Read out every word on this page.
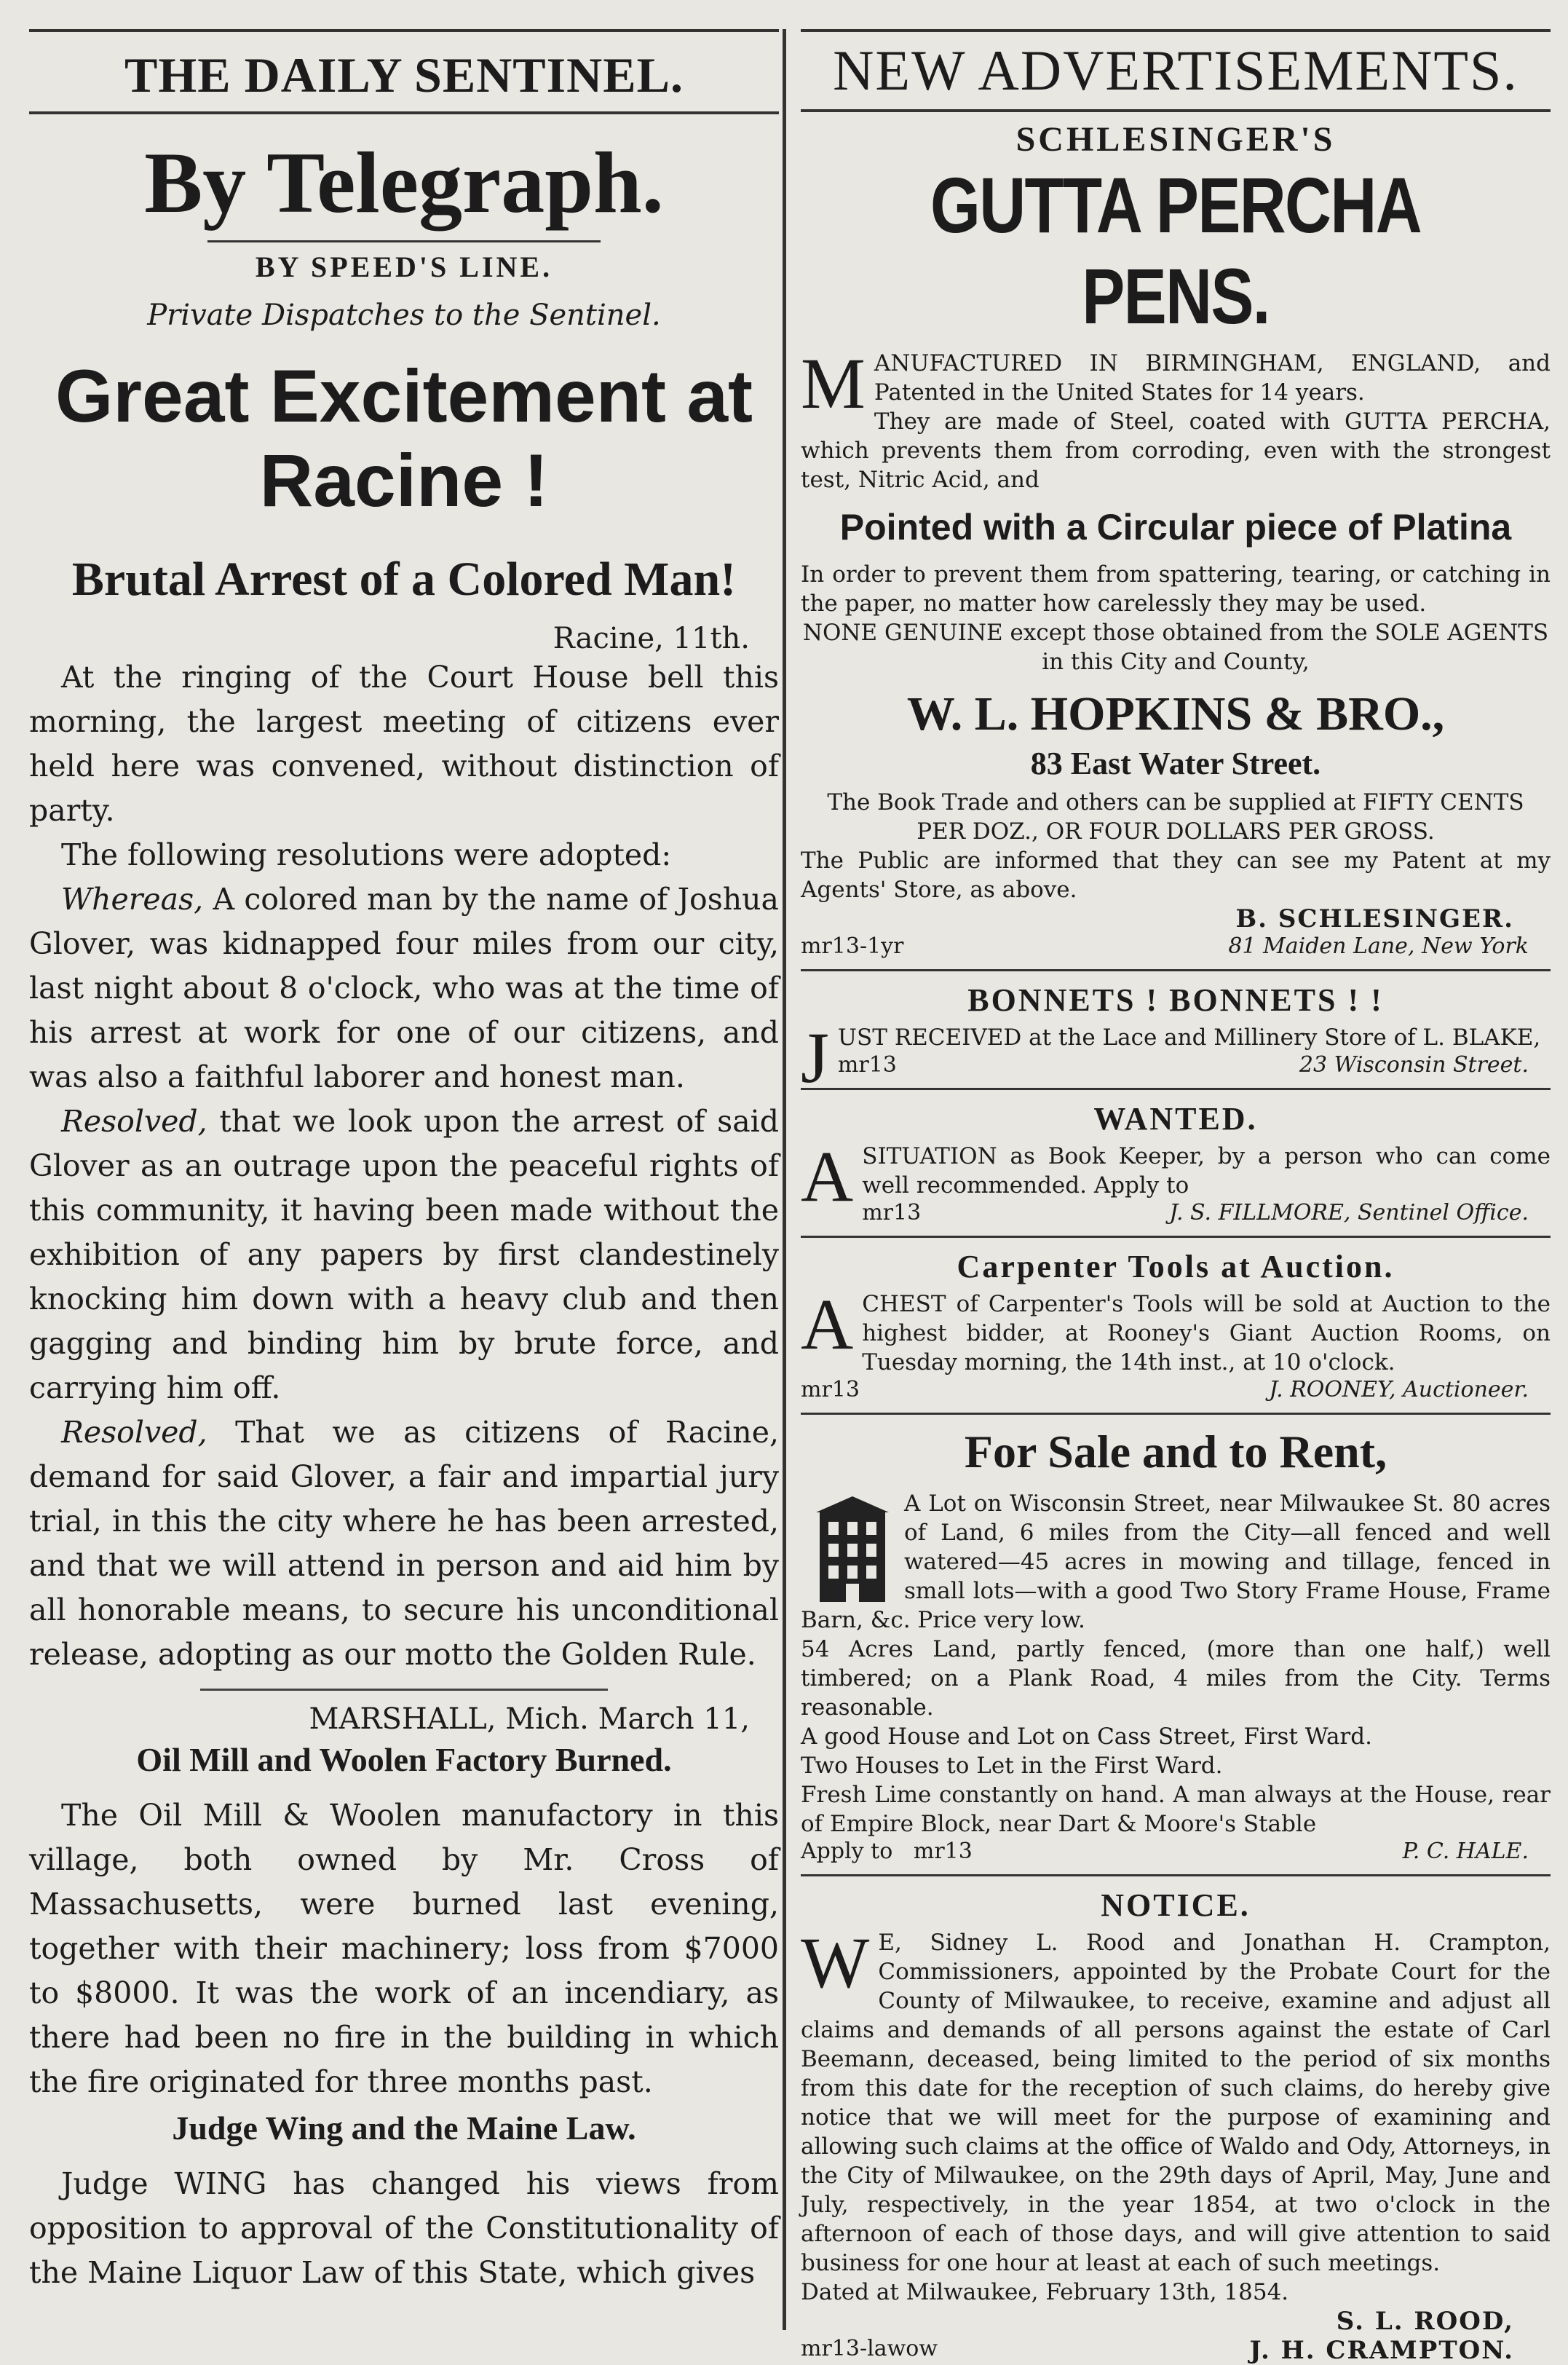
THE DAILY SENTINEL.
By Telegraph.
BY SPEED'S LINE.
Private Dispatches to the Sentinel.
Great Excitement at
Racine !
Brutal Arrest of a Colored Man!
Racine, 11th.

At the ringing of the Court House bell this morning, the largest meeting of citizens ever held here was convened, without distinction of party.

The following resolutions were adopted:

Whereas, A colored man by the name of Joshua Glover, was kidnapped four miles from our city, last night about 8 o'clock, who was at the time of his arrest at work for one of our citizens, and was also a faithful laborer and honest man.

Resolved, that we look upon the arrest of said Glover as an outrage upon the peaceful rights of this community, it having been made without the exhibition of any papers by first clandestinely knocking him down with a heavy club and then gagging and binding him by brute force, and carrying him off.

Resolved, That we as citizens of Racine, demand for said Glover, a fair and impartial jury trial, in this the city where he has been arrested, and that we will attend in person and aid him by all honorable means, to secure his unconditional release, adopting as our motto the Golden Rule.

MARSHALL, Mich. March 11,
Oil Mill and Woolen Factory Burned.

The Oil Mill & Woolen manufactory in this village, both owned by Mr. Cross of Massachusetts, were burned last evening, together with their machinery; loss from $7000 to $8000. It was the work of an incendiary, as there had been no fire in the building in which the fire originated for three months past.

Judge Wing and the Maine Law.

Judge WING has changed his views from opposition to approval of the Constitutionality of the Maine Liquor Law of this State, which gives

NEW ADVERTISEMENTS.
SCHLESINGER'S
GUTTA PERCHA PENS.
M ANUFACTURED IN BIRMINGHAM, ENGLAND, and Patented in the United States for 14 years.
They are made of Steel, coated with GUTTA PERCHA, which prevents them from corroding, even with the strongest test, Nitric Acid, and
Pointed with a Circular piece of Platina
In order to prevent them from spattering, tearing, or catching in the paper, no matter how carelessly they may be used.
NONE GENUINE except those obtained from the SOLE AGENTS in this City and County,
W. L. HOPKINS & BRO.,
83 East Water Street.
The Book Trade and others can be supplied at FIFTY CENTS PER DOZ., OR FOUR DOLLARS PER GROSS.
The Public are informed that they can see my Patent at my Agents' Store, as above.
B. SCHLESINGER.
mr13-1yr	81 Maiden Lane, New York
BONNETS ! BONNETS ! !
J UST RECEIVED at the Lace and Millinery Store of L. BLAKE,
mr13	23 Wisconsin Street.
WANTED.
A SITUATION as Book Keeper, by a person who can come well recommended. Apply to
mr13	J. S. FILLMORE, Sentinel Office.
Carpenter Tools at Auction.
A CHEST of Carpenter's Tools will be sold at Auction to the highest bidder, at Rooney's Giant Auction Rooms, on Tuesday morning, the 14th inst., at 10 o'clock.
mr13	J. ROONEY, Auctioneer.
For Sale and to Rent,
A Lot on Wisconsin Street, near Milwaukee St. 80 acres of Land, 6 miles from the City—all fenced and well watered—45 acres in mowing and tillage, fenced in small lots—with a good Two Story Frame House, Frame Barn, &c. Price very low.
54 Acres Land, partly fenced, (more than one half,) well timbered; on a Plank Road, 4 miles from the City. Terms reasonable.
A good House and Lot on Cass Street, First Ward.
Two Houses to Let in the First Ward.
Fresh Lime constantly on hand. A man always at the House, rear of Empire Block, near Dart & Moore's Stable
Apply to mr13	P. C. HALE.
NOTICE.
W E, Sidney L. Rood and Jonathan H. Crampton, Commissioners, appointed by the Probate Court for the County of Milwaukee, to receive, examine and adjust all claims and demands of all persons against the estate of Carl Beemann, deceased, being limited to the period of six months from this date for the reception of such claims, do hereby give notice that we will meet for the purpose of examining and allowing such claims at the office of Waldo and Ody, Attorneys, in the City of Milwaukee, on the 29th days of April, May, June and July, respectively, in the year 1854, at two o'clock in the afternoon of each of those days, and will give attention to said business for one hour at least at each of such meetings.
Dated at Milwaukee, February 13th, 1854.
S. L. ROOD,
mr13-lawow	J. H. CRAMPTON.
